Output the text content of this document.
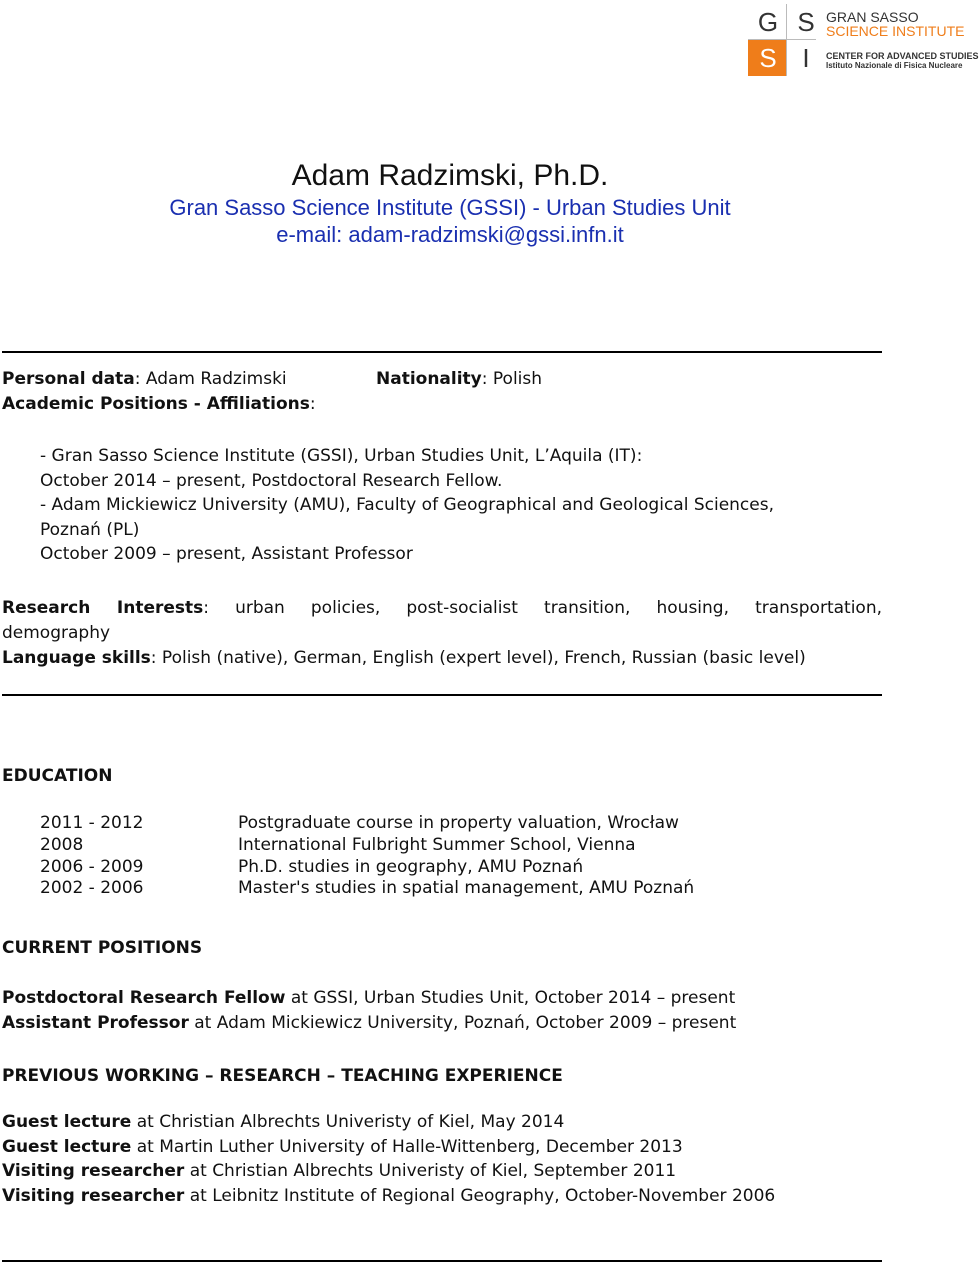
G S
S I
GRAN SASSO
SCIENCE INSTITUTE
CENTER FOR ADVANCED STUDIES
Istituto Nazionale di Fisica Nucleare
Adam Radzimski, Ph.D.
Gran Sasso Science Institute (GSSI) - Urban Studies Unit
e-mail: adam-radzimski@gssi.infn.it
Personal data: Adam Radzimski	Nationality: Polish
Academic Positions - Affiliations:
- Gran Sasso Science Institute (GSSI), Urban Studies Unit, L’Aquila (IT):
October 2014 – present, Postdoctoral Research Fellow.
- Adam Mickiewicz University (AMU), Faculty of Geographical and Geological Sciences,
Poznań (PL)
October 2009 – present, Assistant Professor
Research Interests: urban policies, post-socialist transition, housing, transportation,
demography
Language skills: Polish (native), German, English (expert level), French, Russian (basic level)
EDUCATION
2011 - 2012	Postgraduate course in property valuation, Wrocław
2008	International Fulbright Summer School, Vienna
2006 - 2009	Ph.D. studies in geography, AMU Poznań
2002 - 2006	Master's studies in spatial management, AMU Poznań
CURRENT POSITIONS
Postdoctoral Research Fellow at GSSI, Urban Studies Unit, October 2014 – present
Assistant Professor at Adam Mickiewicz University, Poznań, October 2009 – present
PREVIOUS WORKING – RESEARCH – TEACHING EXPERIENCE
Guest lecture at Christian Albrechts Univeristy of Kiel, May 2014
Guest lecture at Martin Luther University of Halle-Wittenberg, December 2013
Visiting researcher at Christian Albrechts Univeristy of Kiel, September 2011
Visiting researcher at Leibnitz Institute of Regional Geography, October-November 2006
